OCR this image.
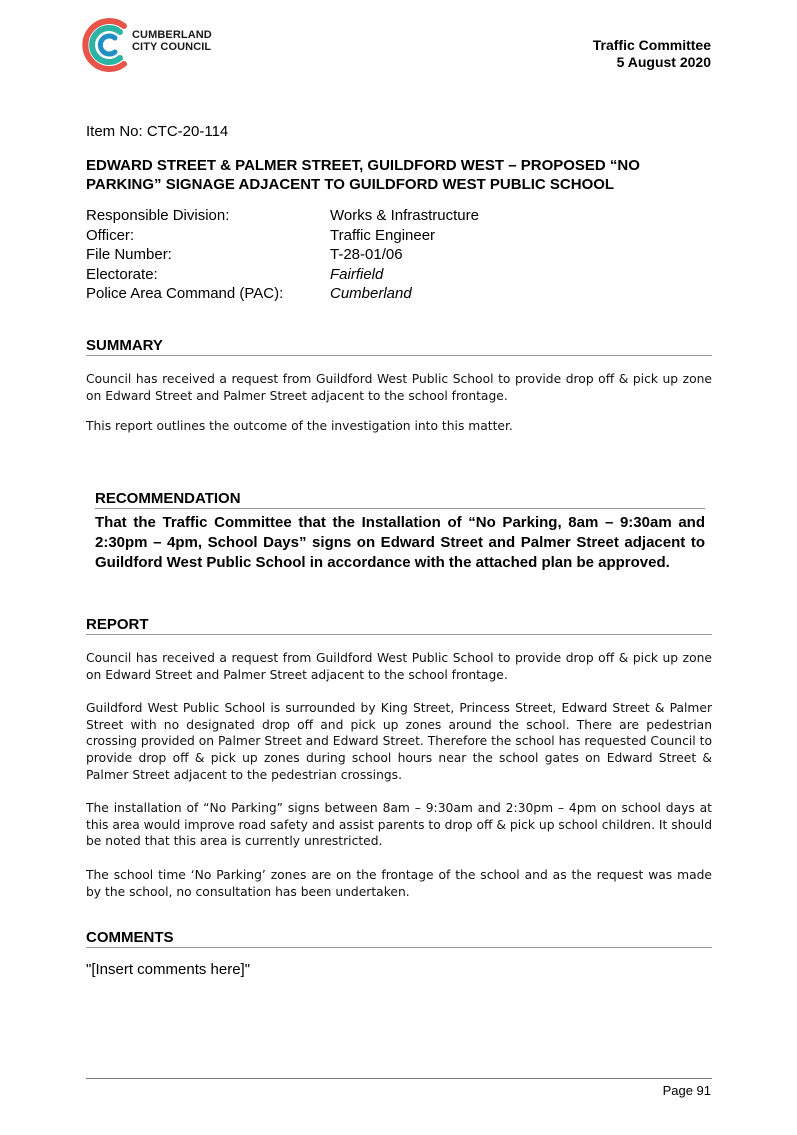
CUMBERLAND
CITY COUNCIL	Traffic Committee
5 August 2020
Item No: CTC-20-114
EDWARD STREET & PALMER STREET, GUILDFORD WEST – PROPOSED “NO PARKING” SIGNAGE ADJACENT TO GUILDFORD WEST PUBLIC SCHOOL
Responsible Division:	Works & Infrastructure
Officer:	Traffic Engineer
File Number:	T-28-01/06
Electorate:	Fairfield
Police Area Command (PAC):	Cumberland
SUMMARY

Council has received a request from Guildford West Public School to provide drop off & pick up zone on Edward Street and Palmer Street adjacent to the school frontage.

This report outlines the outcome of the investigation into this matter.

RECOMMENDATION
That the Traffic Committee that the Installation of “No Parking, 8am – 9:30am and 2:30pm – 4pm, School Days” signs on Edward Street and Palmer Street adjacent to Guildford West Public School in accordance with the attached plan be approved.
REPORT

Council has received a request from Guildford West Public School to provide drop off & pick up zone on Edward Street and Palmer Street adjacent to the school frontage.

Guildford West Public School is surrounded by King Street, Princess Street, Edward Street & Palmer Street with no designated drop off and pick up zones around the school. There are pedestrian crossing provided on Palmer Street and Edward Street. Therefore the school has requested Council to provide drop off & pick up zones during school hours near the school gates on Edward Street & Palmer Street adjacent to the pedestrian crossings.

The installation of “No Parking” signs between 8am – 9:30am and 2:30pm – 4pm on school days at this area would improve road safety and assist parents to drop off & pick up school children. It should be noted that this area is currently unrestricted.

The school time ‘No Parking’ zones are on the frontage of the school and as the request was made by the school, no consultation has been undertaken.

COMMENTS
"[Insert comments here]"
Page 91
